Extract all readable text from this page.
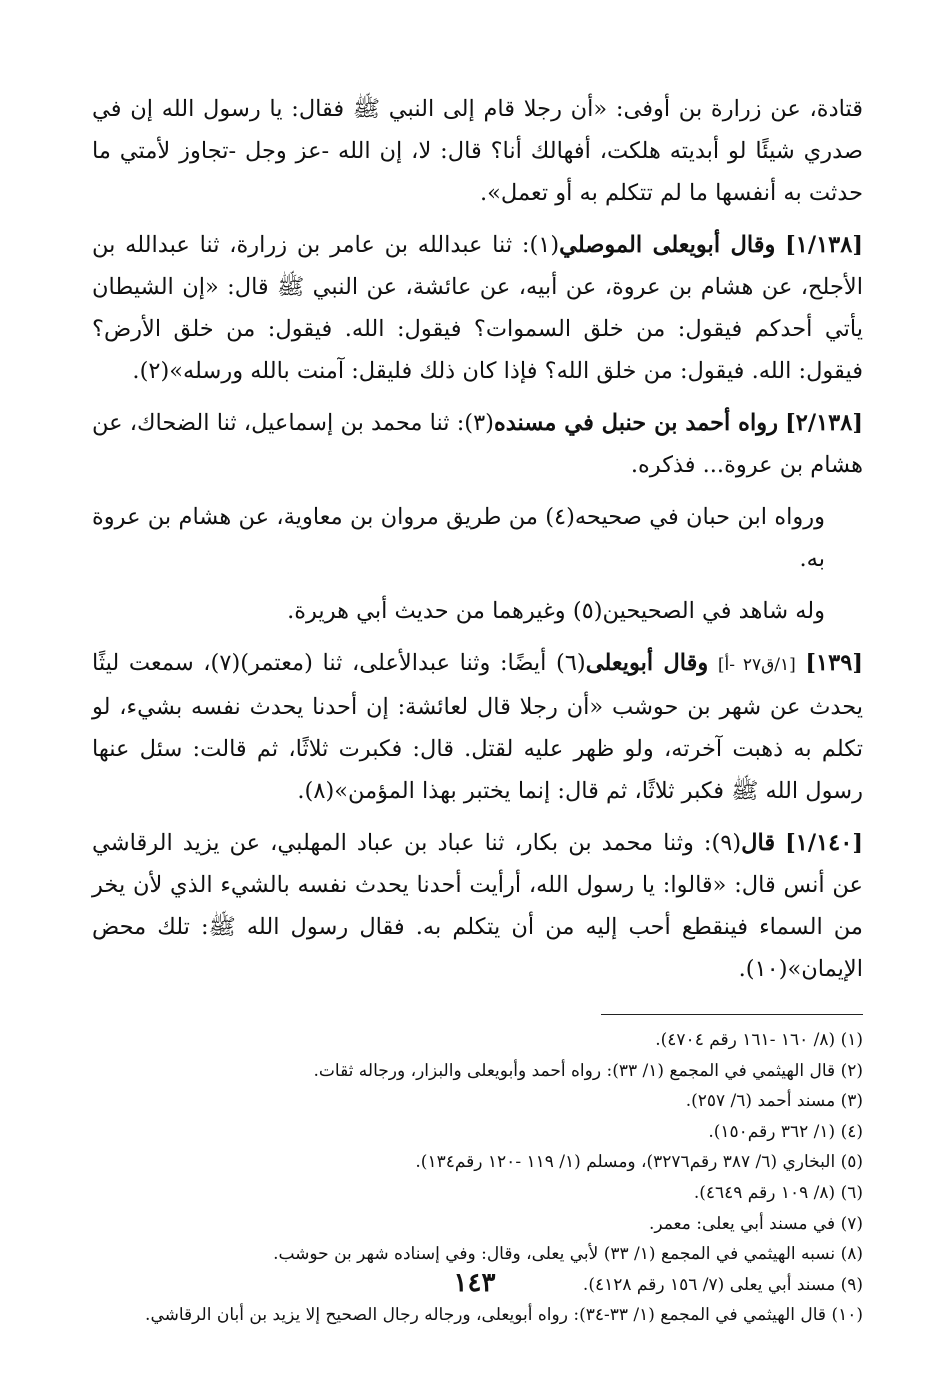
قتادة، عن زرارة بن أوفى: «أن رجلا قام إلى النبي ﷺ فقال: يا رسول الله إن في صدري شيئًا لو أبديته هلكت، أفهالك أنا؟ قال: لا، إن الله -عز وجل -تجاوز لأمتي ما حدثت به أنفسها ما لم تتكلم به أو تعمل».

[١/١٣٨] وقال أبويعلى الموصلي(١): ثنا عبدالله بن عامر بن زرارة، ثنا عبدالله بن الأجلح، عن هشام بن عروة، عن أبيه، عن عائشة، عن النبي ﷺ قال: «إن الشيطان يأتي أحدكم فيقول: من خلق السموات؟ فيقول: الله. فيقول: من خلق الأرض؟ فيقول: الله. فيقول: من خلق الله؟ فإذا كان ذلك فليقل: آمنت بالله ورسله»(٢).

[٢/١٣٨] رواه أحمد بن حنبل في مسنده(٣): ثنا محمد بن إسماعيل، ثنا الضحاك، عن هشام بن عروة... فذكره.

ورواه ابن حبان في صحيحه(٤) من طريق مروان بن معاوية، عن هشام بن عروة به.

وله شاهد في الصحيحين(٥) وغيرهما من حديث أبي هريرة.

[١٣٩] [١/ق٢٧ -أ] وقال أبويعلى(٦) أيضًا: وثنا عبدالأعلى، ثنا (معتمر)(٧)، سمعت ليثًا يحدث عن شهر بن حوشب «أن رجلا قال لعائشة: إن أحدنا يحدث نفسه بشيء، لو تكلم به ذهبت آخرته، ولو ظهر عليه لقتل. قال: فكبرت ثلاثًا، ثم قالت: سئل عنها رسول الله ﷺ فكبر ثلاثًا، ثم قال: إنما يختبر بهذا المؤمن»(٨).

[١/١٤٠] قال(٩): وثنا محمد بن بكار، ثنا عباد بن عباد المهلبي، عن يزيد الرقاشي عن أنس قال: «قالوا: يا رسول الله، أرأيت أحدنا يحدث نفسه بالشيء الذي لأن يخر من السماء فينقطع أحب إليه من أن يتكلم به. فقال رسول الله ﷺ: تلك محض الإيمان»(١٠).

(١) (٨/ ١٦٠ -١٦١ رقم ٤٧٠٤).

(٢) قال الهيثمي في المجمع (١/ ٣٣): رواه أحمد وأبويعلى والبزار، ورجاله ثقات.

(٣) مسند أحمد (٦/ ٢٥٧).

(٤) (١/ ٣٦٢ رقم١٥٠).

(٥) البخاري (٦/ ٣٨٧ رقم٣٢٧٦)، ومسلم (١/ ١١٩ -١٢٠ رقم١٣٤).

(٦) (٨/ ١٠٩ رقم ٤٦٤٩).

(٧) في مسند أبي يعلى: معمر.

(٨) نسبه الهيثمي في المجمع (١/ ٣٣) لأبي يعلى، وقال: وفي إسناده شهر بن حوشب.

(٩) مسند أبي يعلى (٧/ ١٥٦ رقم ٤١٢٨).

(١٠) قال الهيثمي في المجمع (١/ ٣٣-٣٤): رواه أبويعلى، ورجاله رجال الصحيح إلا يزيد بن أبان الرقاشي.

١٤٣
